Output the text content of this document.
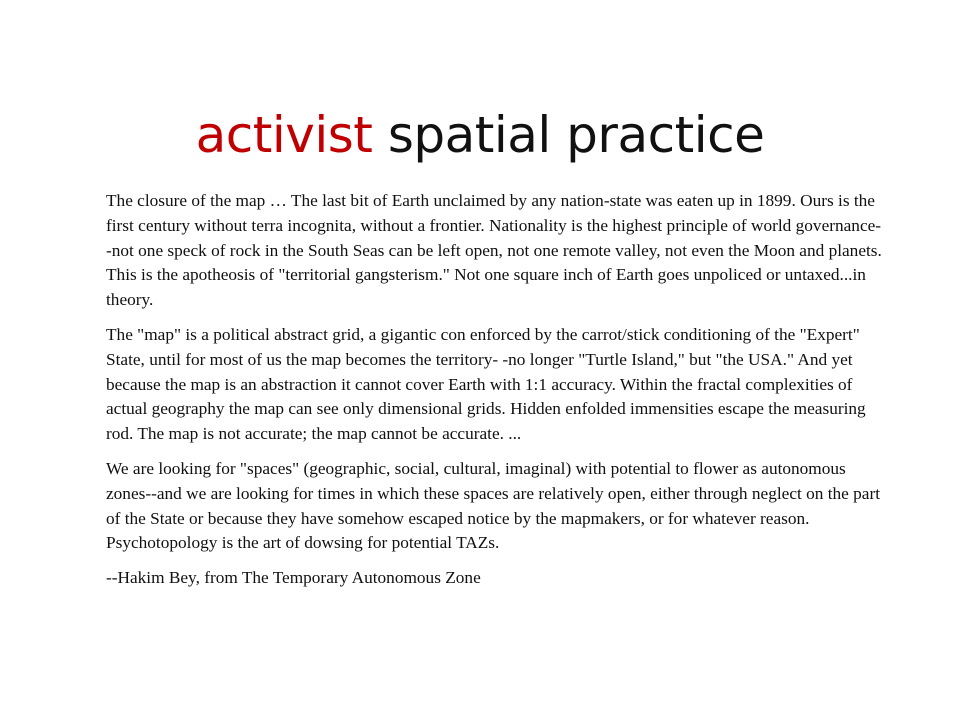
activist spatial practice

The closure of the map … The last bit of Earth unclaimed by any nation-state was eaten up in 1899. Ours is the first century without terra incognita, without a frontier. Nationality is the highest principle of world governance--not one speck of rock in the South Seas can be left open, not one remote valley, not even the Moon and planets. This is the apotheosis of "territorial gangsterism." Not one square inch of Earth goes unpoliced or untaxed...in theory.

The "map" is a political abstract grid, a gigantic con enforced by the carrot/stick conditioning of the "Expert" State, until for most of us the map becomes the territory- -no longer "Turtle Island," but "the USA." And yet because the map is an abstraction it cannot cover Earth with 1:1 accuracy. Within the fractal complexities of actual geography the map can see only dimensional grids. Hidden enfolded immensities escape the measuring rod. The map is not accurate; the map cannot be accurate. ...

We are looking for "spaces" (geographic, social, cultural, imaginal) with potential to flower as autonomous zones--and we are looking for times in which these spaces are relatively open, either through neglect on the part of the State or because they have somehow escaped notice by the mapmakers, or for whatever reason. Psychotopology is the art of dowsing for potential TAZs.

--Hakim Bey, from The Temporary Autonomous Zone
